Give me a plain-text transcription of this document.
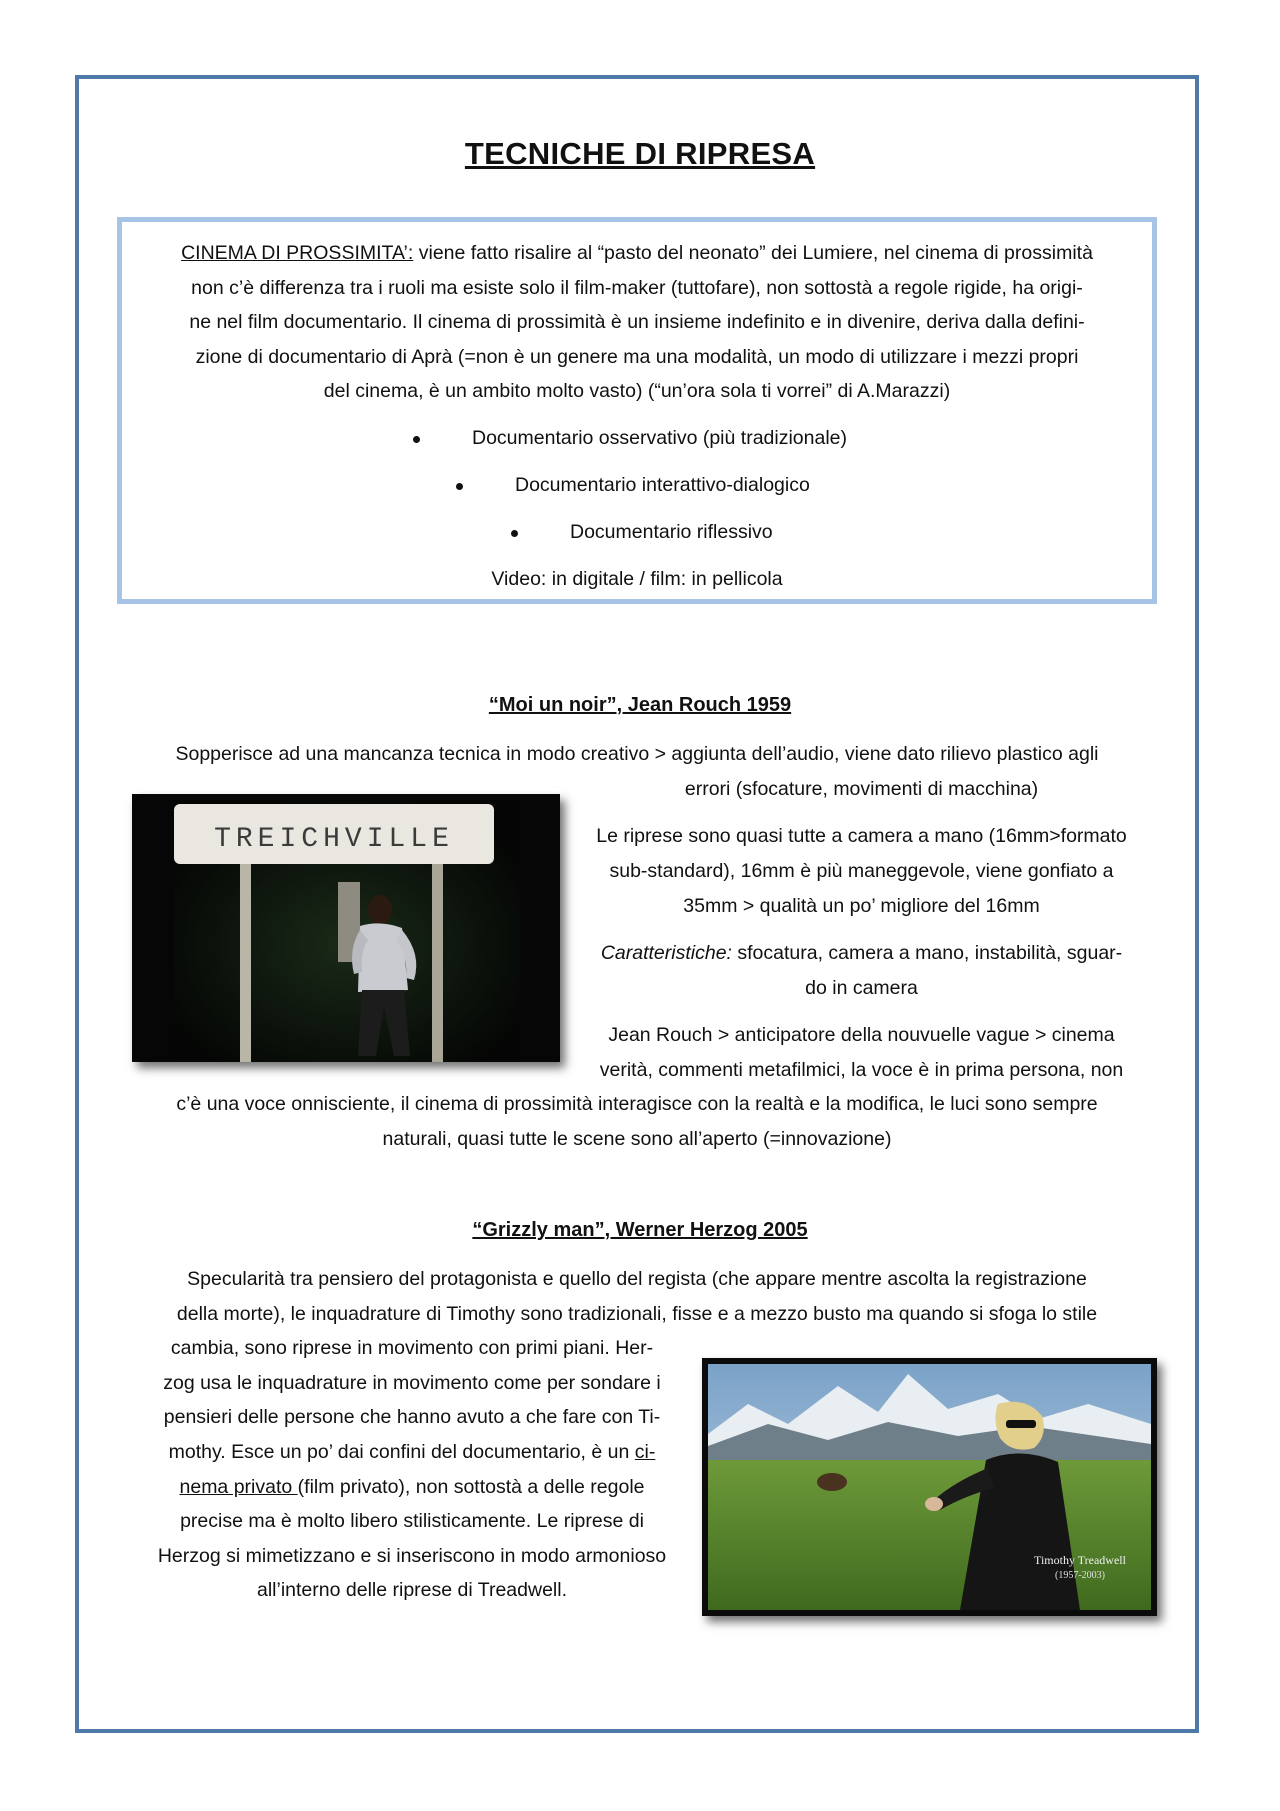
TECNICHE DI RIPRESA

CINEMA DI PROSSIMITA’: viene fatto risalire al “pasto del neonato” dei Lumiere, nel cinema di prossimità

non c’è differenza tra i ruoli ma esiste solo il film-maker (tuttofare), non sottostà a regole rigide, ha origi-

ne nel film documentario. Il cinema di prossimità è un insieme indefinito e in divenire, deriva dalla defini-

zione di documentario di Aprà (=non è un genere ma una modalità, un modo di utilizzare i mezzi propri

del cinema, è un ambito molto vasto) (“un’ora sola ti vorrei” di A.Marazzi)

Documentario osservativo (più tradizionale)
Documentario interattivo-dialogico
Documentario riflessivo

Video: in digitale / film: in pellicola

“Moi un noir”, Jean Rouch 1959

Sopperisce ad una mancanza tecnica in modo creativo > aggiunta dell’audio, viene dato rilievo plastico agli

errori (sfocature, movimenti di macchina)

Le riprese sono quasi tutte a camera a mano (16mm>formato

sub-standard), 16mm è più maneggevole, viene gonfiato a

35mm > qualità un po’ migliore del 16mm

Caratteristiche: sfocatura, camera a mano, instabilità, sguar-

do in camera

Jean Rouch > anticipatore della nouvuelle vague > cinema

verità, commenti metafilmici, la voce è in prima persona, non

c’è una voce onnisciente, il cinema di prossimità interagisce con la realtà e la modifica, le luci sono sempre

naturali, quasi tutte le scene sono all’aperto (=innovazione)

TREICHVILLE
“Grizzly man”, Werner Herzog 2005

Specularità tra pensiero del protagonista e quello del regista (che appare mentre ascolta la registrazione

della morte), le inquadrature di Timothy sono tradizionali, fisse e a mezzo busto ma quando si sfoga lo stile

cambia, sono riprese in movimento con primi piani. Her-

zog usa le inquadrature in movimento come per sondare i

pensieri delle persone che hanno avuto a che fare con Ti-

mothy. Esce un po’ dai confini del documentario, è un ci-

nema privato (film privato), non sottostà a delle regole

precise ma è molto libero stilisticamente. Le riprese di

Herzog si mimetizzano e si inseriscono in modo armonioso

all’interno delle riprese di Treadwell.

Timothy Treadwell
(1957-2003)
